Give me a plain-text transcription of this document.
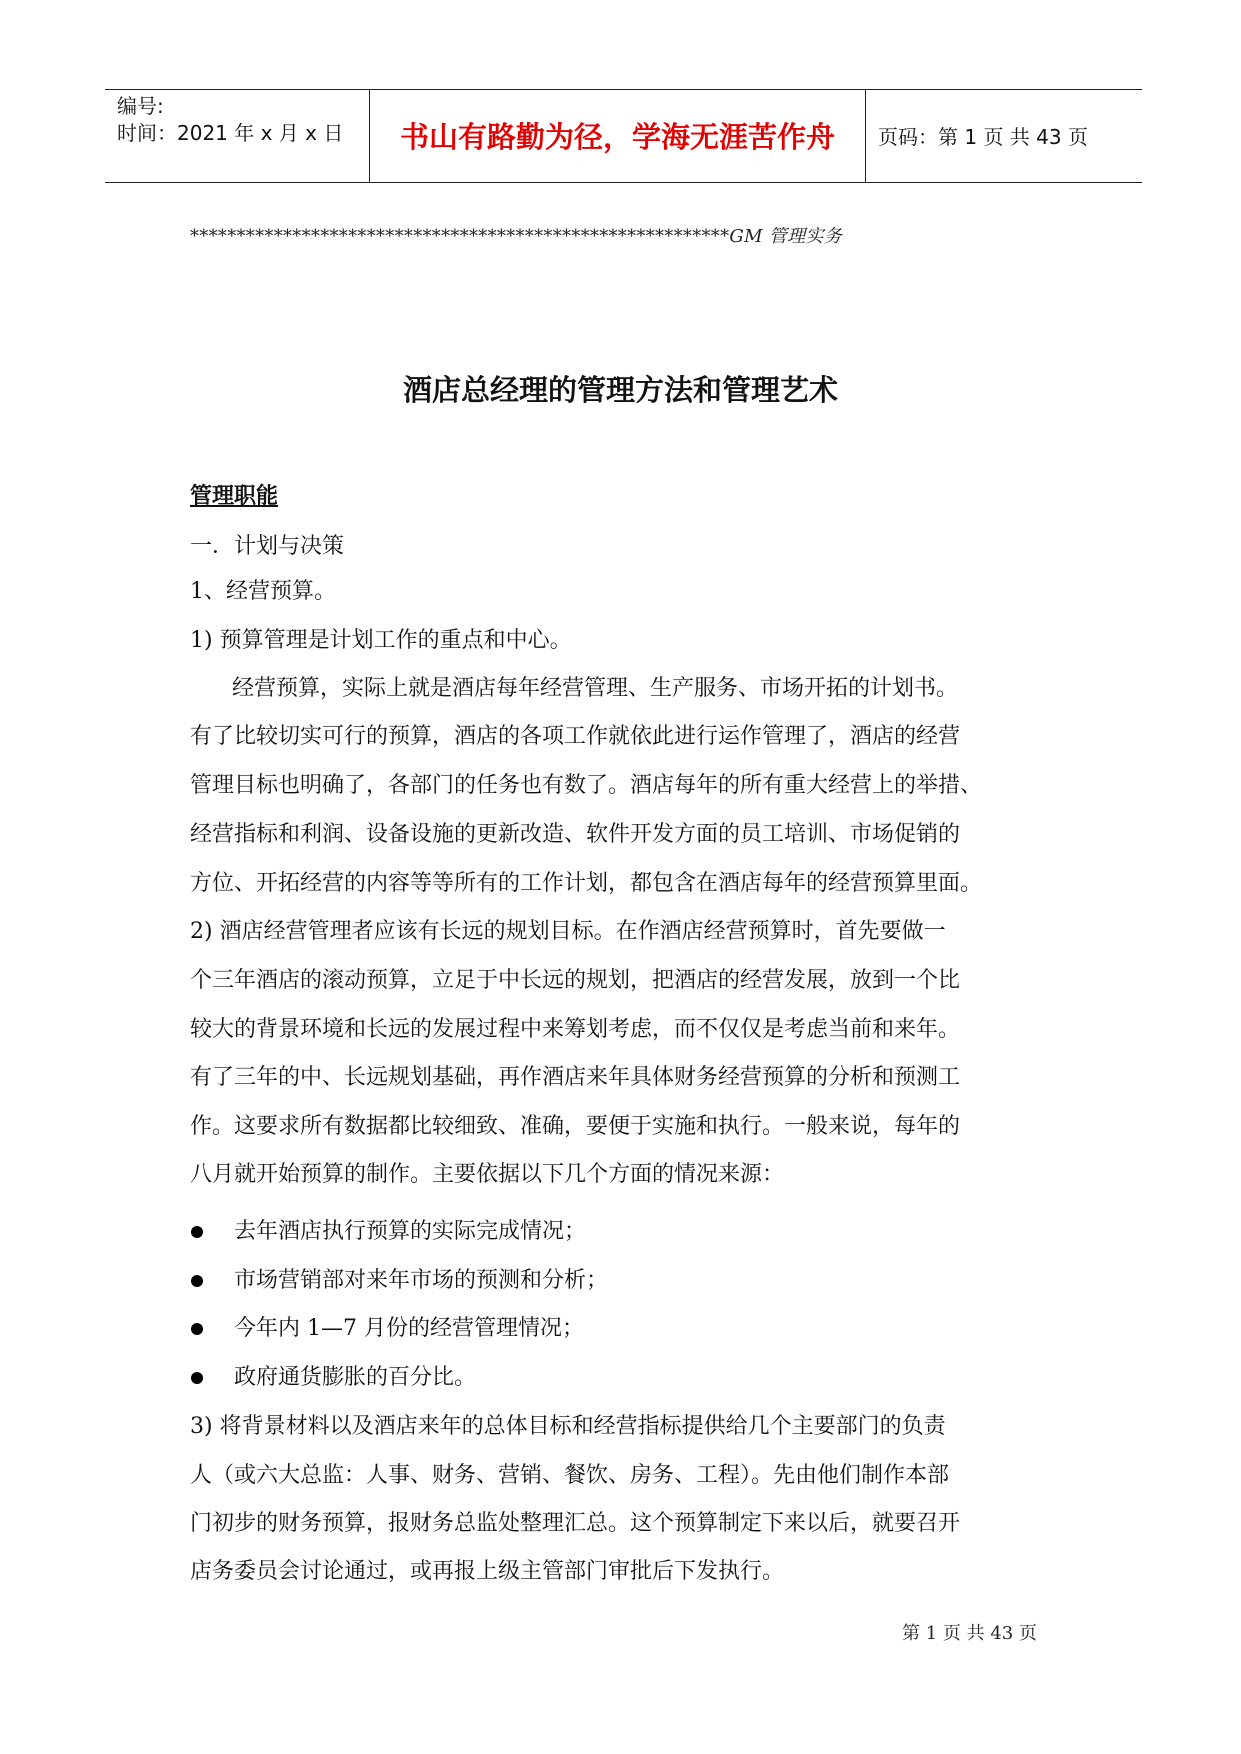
编号:
时间：2021 年 x 月 x 日	书山有路勤为径，学海无涯苦作舟	页码：第 1 页 共 43 页
**********************************************************GM 管理实务
酒店总经理的管理方法和管理艺术
管理职能
一．计划与决策
1、经营预算。
1) 预算管理是计划工作的重点和中心。
经营预算，实际上就是酒店每年经营管理、生产服务、市场开拓的计划书。
有了比较切实可行的预算，酒店的各项工作就依此进行运作管理了，酒店的经营
管理目标也明确了，各部门的任务也有数了。酒店每年的所有重大经营上的举措、
经营指标和利润、设备设施的更新改造、软件开发方面的员工培训、市场促销的
方位、开拓经营的内容等等所有的工作计划，都包含在酒店每年的经营预算里面。
2) 酒店经营管理者应该有长远的规划目标。在作酒店经营预算时，首先要做一
个三年酒店的滚动预算，立足于中长远的规划，把酒店的经营发展，放到一个比
较大的背景环境和长远的发展过程中来筹划考虑，而不仅仅是考虑当前和来年。
有了三年的中、长远规划基础，再作酒店来年具体财务经营预算的分析和预测工
作。这要求所有数据都比较细致、准确，要便于实施和执行。一般来说，每年的
八月就开始预算的制作。主要依据以下几个方面的情况来源：
去年酒店执行预算的实际完成情况；
市场营销部对来年市场的预测和分析；
今年内 1—7 月份的经营管理情况；
政府通货膨胀的百分比。
3) 将背景材料以及酒店来年的总体目标和经营指标提供给几个主要部门的负责
人（或六大总监：人事、财务、营销、餐饮、房务、工程）。先由他们制作本部
门初步的财务预算，报财务总监处整理汇总。这个预算制定下来以后，就要召开
店务委员会讨论通过，或再报上级主管部门审批后下发执行。
第 1 页 共 43 页
